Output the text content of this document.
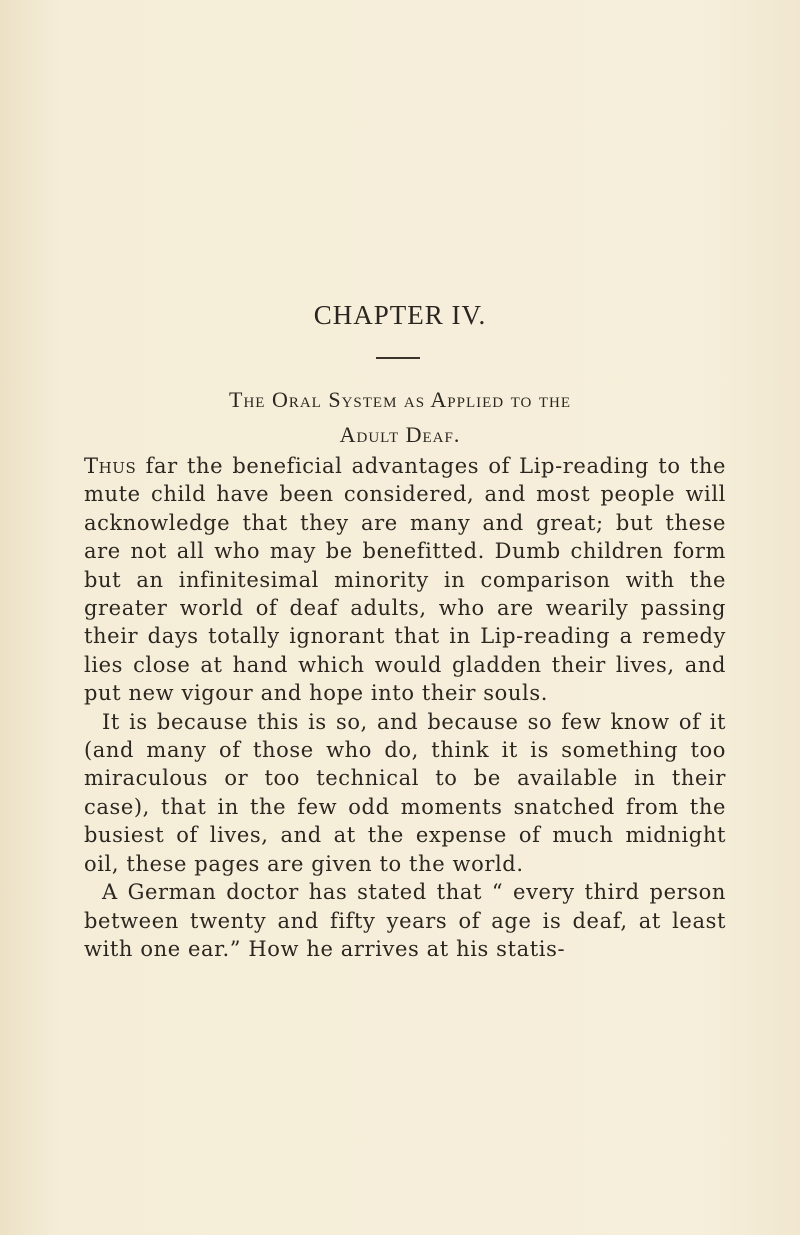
CHAPTER IV.
The Oral System as Applied to the
Adult Deaf.

Thus far the beneficial advantages of Lip-reading to the mute child have been considered, and most people will acknowledge that they are many and great; but these are not all who may be benefitted. Dumb children form but an infinitesimal minority in comparison with the greater world of deaf adults, who are wearily passing their days totally ignorant that in Lip-reading a remedy lies close at hand which would gladden their lives, and put new vigour and hope into their souls.

It is because this is so, and because so few know of it (and many of those who do, think it is something too miraculous or too technical to be available in their case), that in the few odd moments snatched from the busiest of lives, and at the expense of much midnight oil, these pages are given to the world.

A German doctor has stated that “ every third person between twenty and fifty years of age is deaf, at least with one ear.” How he arrives at his statis-
